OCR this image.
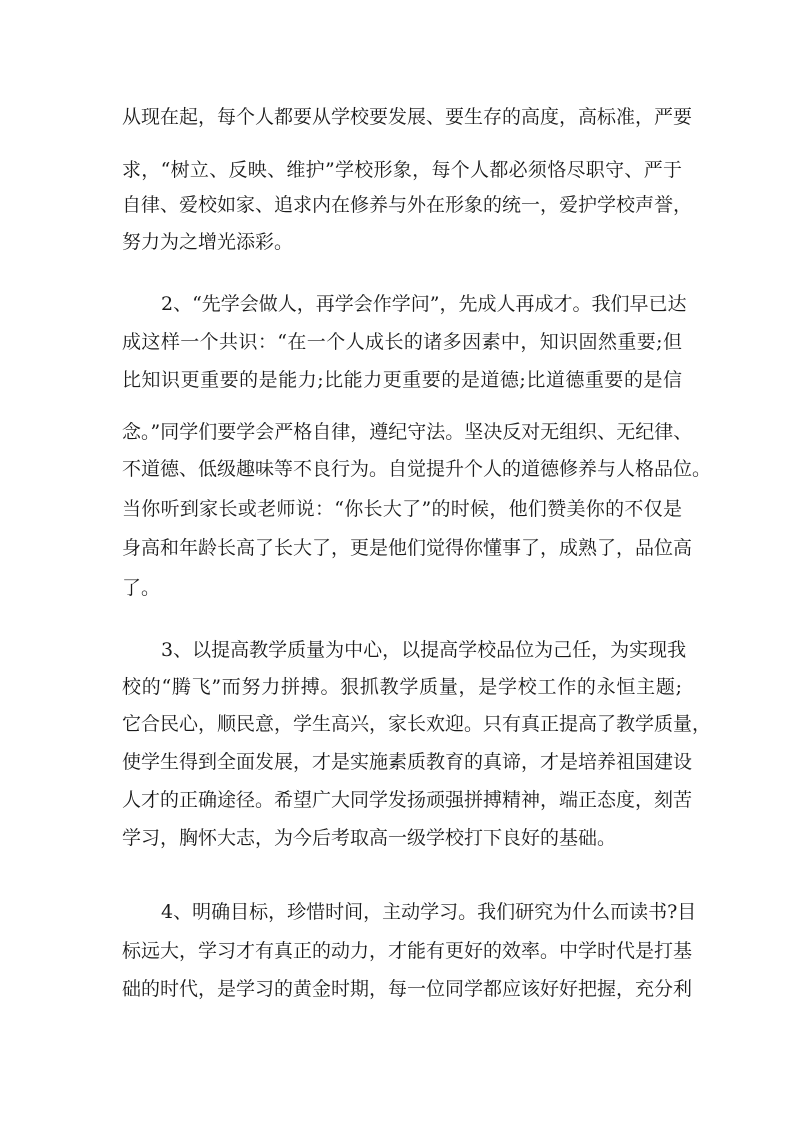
从现在起，每个人都要从学校要发展、要生存的高度，高标准，严要
求，“树立、反映、维护”学校形象，每个人都必须恪尽职守、严于
自律、爱校如家、追求内在修养与外在形象的统一，爱护学校声誉，
努力为之增光添彩。
2、“先学会做人，再学会作学问”，先成人再成才。我们早已达
成这样一个共识：“在一个人成长的诸多因素中，知识固然重要;但
比知识更重要的是能力;比能力更重要的是道德;比道德重要的是信
念。”同学们要学会严格自律，遵纪守法。坚决反对无组织、无纪律、
不道德、低级趣味等不良行为。自觉提升个人的道德修养与人格品位。
当你听到家长或老师说：“你长大了”的时候，他们赞美你的不仅是
身高和年龄长高了长大了，更是他们觉得你懂事了，成熟了，品位高
了。
3、以提高教学质量为中心，以提高学校品位为己任，为实现我
校的“腾飞”而努力拼搏。狠抓教学质量，是学校工作的永恒主题;
它合民心，顺民意，学生高兴，家长欢迎。只有真正提高了教学质量，
使学生得到全面发展，才是实施素质教育的真谛，才是培养祖国建设
人才的正确途径。希望广大同学发扬顽强拼搏精神，端正态度，刻苦
学习，胸怀大志，为今后考取高一级学校打下良好的基础。
4、明确目标，珍惜时间，主动学习。我们研究为什么而读书?目
标远大，学习才有真正的动力，才能有更好的效率。中学时代是打基
础的时代，是学习的黄金时期，每一位同学都应该好好把握，充分利
